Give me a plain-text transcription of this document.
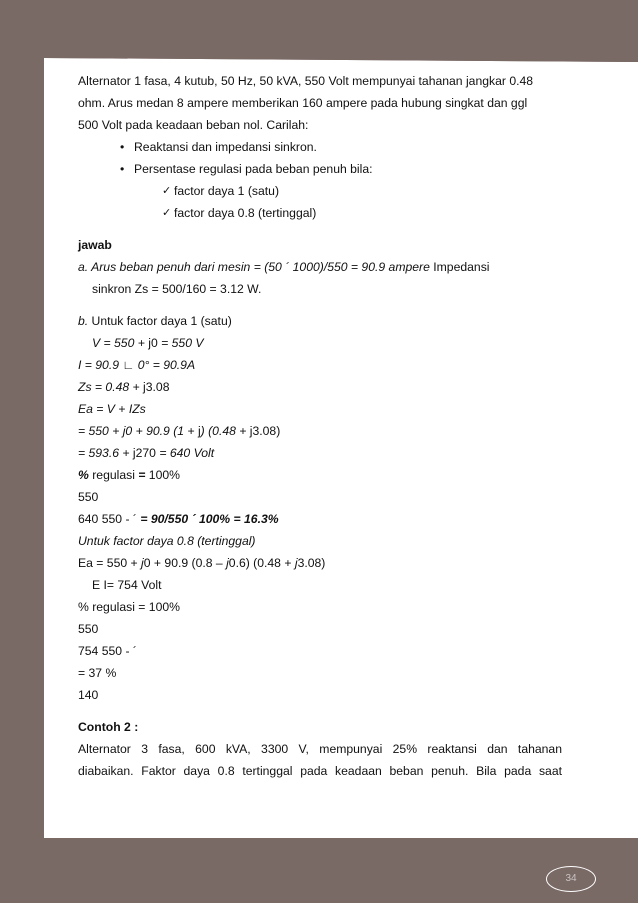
Alternator 1 fasa, 4 kutub, 50 Hz, 50 kVA, 550 Volt mempunyai tahanan jangkar 0.48

ohm. Arus medan 8 ampere memberikan 160 ampere pada hubung singkat dan ggl

500 Volt pada keadaan beban nol. Carilah:

• Reaktansi dan impedansi sinkron.

• Persentase regulasi pada beban penuh bila:

✓ factor daya 1 (satu)

✓ factor daya 0.8 (tertinggal)

jawab

a. Arus beban penuh dari mesin = (50 ´ 1000)/550 = 90.9 ampere Impedansi

sinkron Zs = 500/160 = 3.12 W.

b. Untuk factor daya 1 (satu)

V = 550 + j0 = 550 V

I = 90.9 ∟ 0° = 90.9A

Zs = 0.48 + j3.08

Ea = V + IZs

= 550 + j0 + 90.9 (1 + j) (0.48 + j3.08)

= 593.6 + j270 = 640 Volt

% regulasi = 100%

550

640 550 - ´ = 90/550 ´ 100% = 16.3%

Untuk factor daya 0.8 (tertinggal)

Ea = 550 + j0 + 90.9 (0.8 – j0.6) (0.48 + j3.08)

E I= 754 Volt

% regulasi = 100%

550

754 550 - ´

= 37 %

140

Contoh 2 :

Alternator 3 fasa, 600 kVA, 3300 V, mempunyai 25% reaktansi dan tahanan

diabaikan. Faktor daya 0.8 tertinggal pada keadaan beban penuh. Bila pada saat

34
